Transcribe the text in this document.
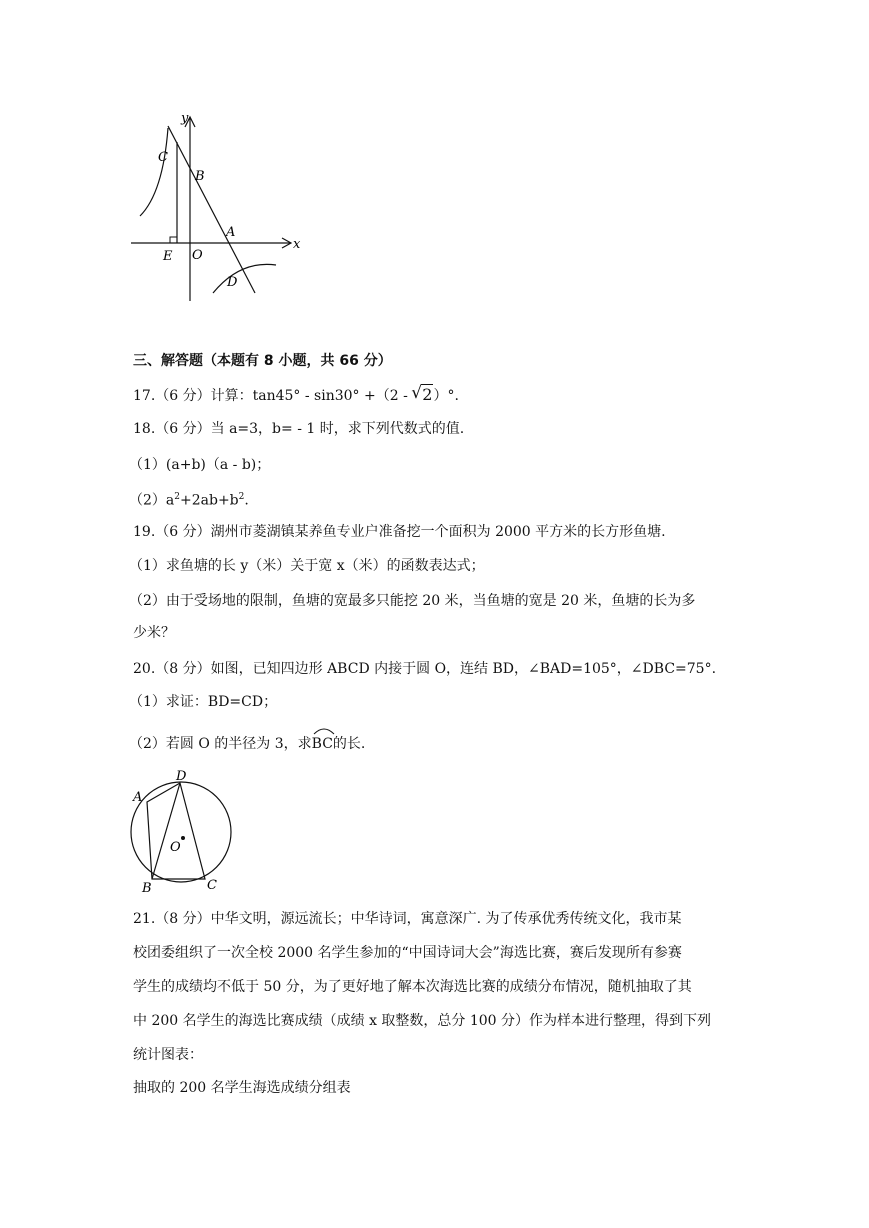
y
x
C
B
A
D
E O
三、解答题（本题有 8 小题，共 66 分）
17.（6 分）计算：tan45° - sin30° +（2 - √ 2）°.
18.（6 分）当 a=3，b= - 1 时，求下列代数式的值.
（1）(a+b)（a - b)；
$(2)a^2+2ab+b^2$.
19.（6 分）湖州市菱湖镇某养鱼专业户准备挖一个面积为 2000 平方米的长方形鱼塘.
（1）求鱼塘的长 y（米）关于宽 x（米）的函数表达式；
（2）由于受场地的限制，鱼塘的宽最多只能挖 20 米，当鱼塘的宽是 20 米，鱼塘的长为多
少米？
20.（8 分）如图，已知四边形 ABCD 内接于圆 O，连结 BD，∠BAD=105°，∠DBC=75°.
（1）求证：BD=CD；
（2）若圆 O 的半径为 3，求
BC的长.
A
D
O
B	C
21.（8 分）中华文明，源远流长；中华诗词，寓意深广. 为了传承优秀传统文化，我市某
校团委组织了一次全校 2000 名学生参加的“中国诗词大会”海选比赛，赛后发现所有参赛
学生的成绩均不低于 50 分，为了更好地了解本次海选比赛的成绩分布情况，随机抽取了其
中 200 名学生的海选比赛成绩（成绩 x 取整数，总分 100 分）作为样本进行整理，得到下列
统计图表：
抽取的 200 名学生海选成绩分组表
